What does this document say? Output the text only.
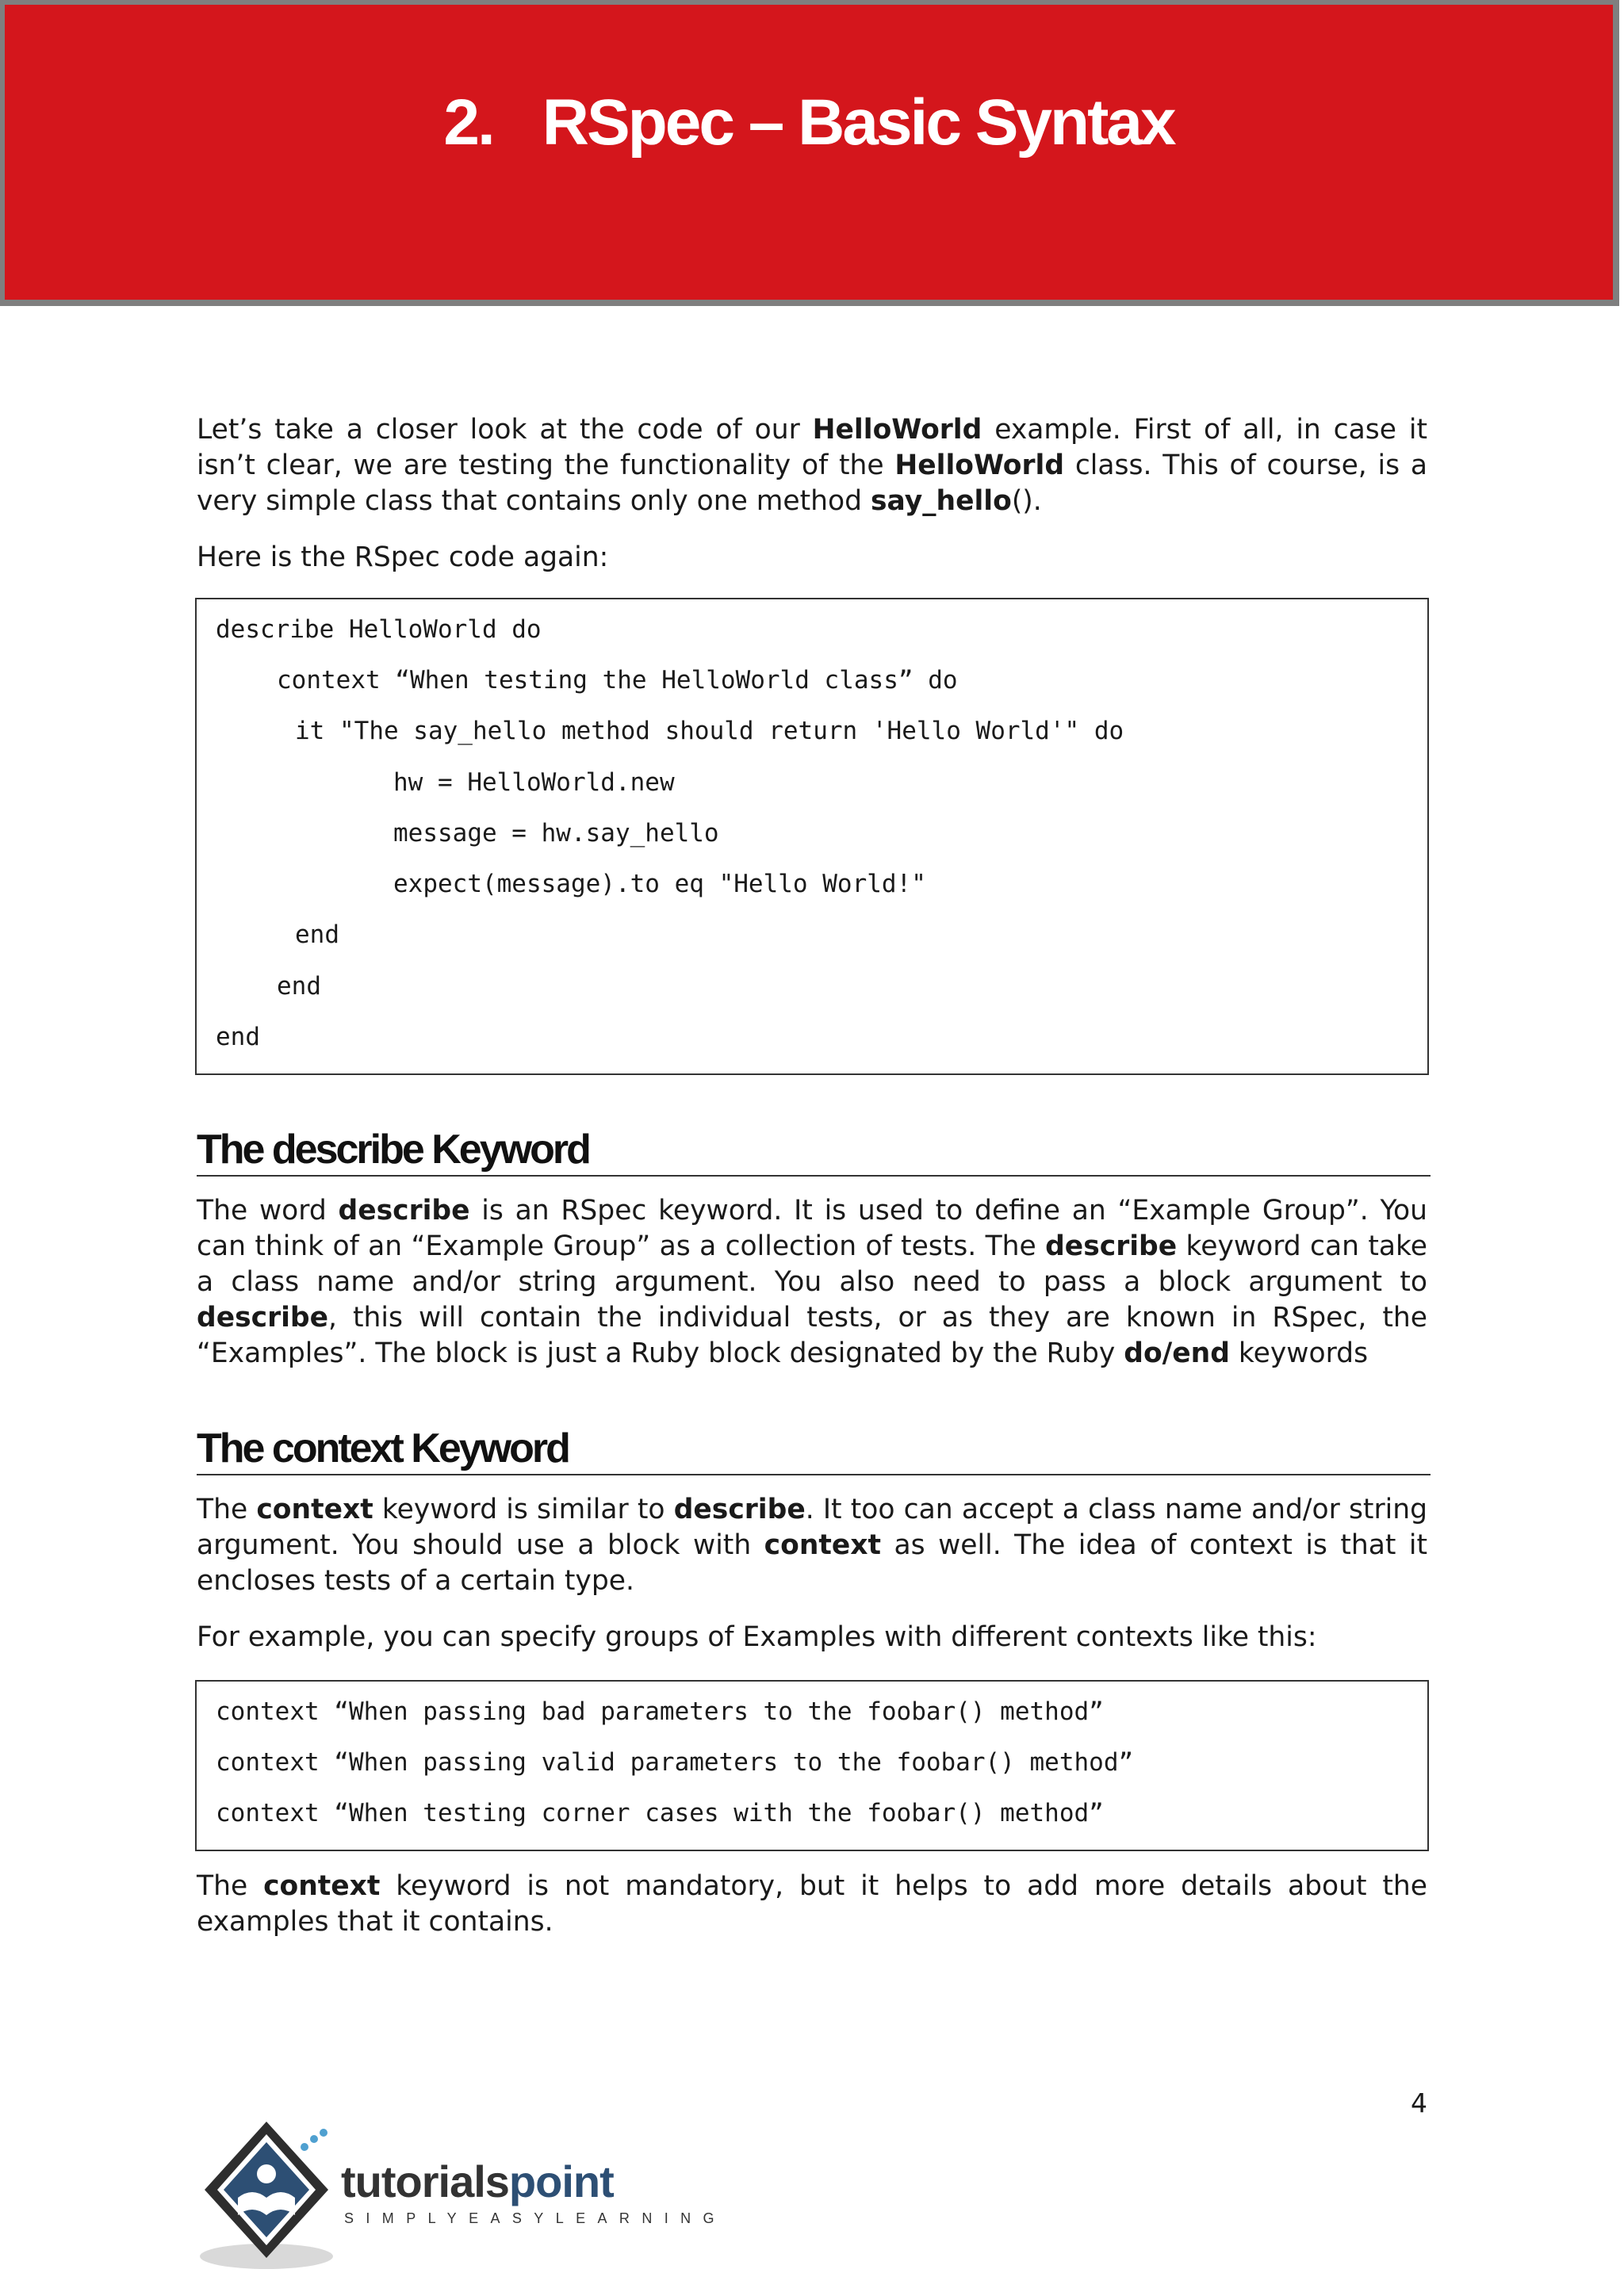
2. RSpec – Basic Syntax

Let’s take a closer look at the code of our HelloWorld example. First of all, in case it isn’t clear, we are testing the functionality of the HelloWorld class. This of course, is a very simple class that contains only one method say_hello().

Here is the RSpec code again:

describe HelloWorld do
context “When testing the HelloWorld class” do
it "The say_hello method should return 'Hello World'" do
hw = HelloWorld.new
message = hw.say_hello
expect(message).to eq "Hello World!"
end
end
end
The describe Keyword

The word describe is an RSpec keyword. It is used to define an “Example Group”. You can think of an “Example Group” as a collection of tests. The describe keyword can take a class name and/or string argument. You also need to pass a block argument to describe, this will contain the individual tests, or as they are known in RSpec, the “Examples”. The block is just a Ruby block designated by the Ruby do/end keywords

The context Keyword

The context keyword is similar to describe. It too can accept a class name and/or string argument. You should use a block with context as well. The idea of context is that it encloses tests of a certain type.

For example, you can specify groups of Examples with different contexts like this:

context “When passing bad parameters to the foobar() method”
context “When passing valid parameters to the foobar() method”
context “When testing corner cases with the foobar() method”

The context keyword is not mandatory, but it helps to add more details about the examples that it contains.

4
tutorialspoint
SIMPLYEASYLEARNING
